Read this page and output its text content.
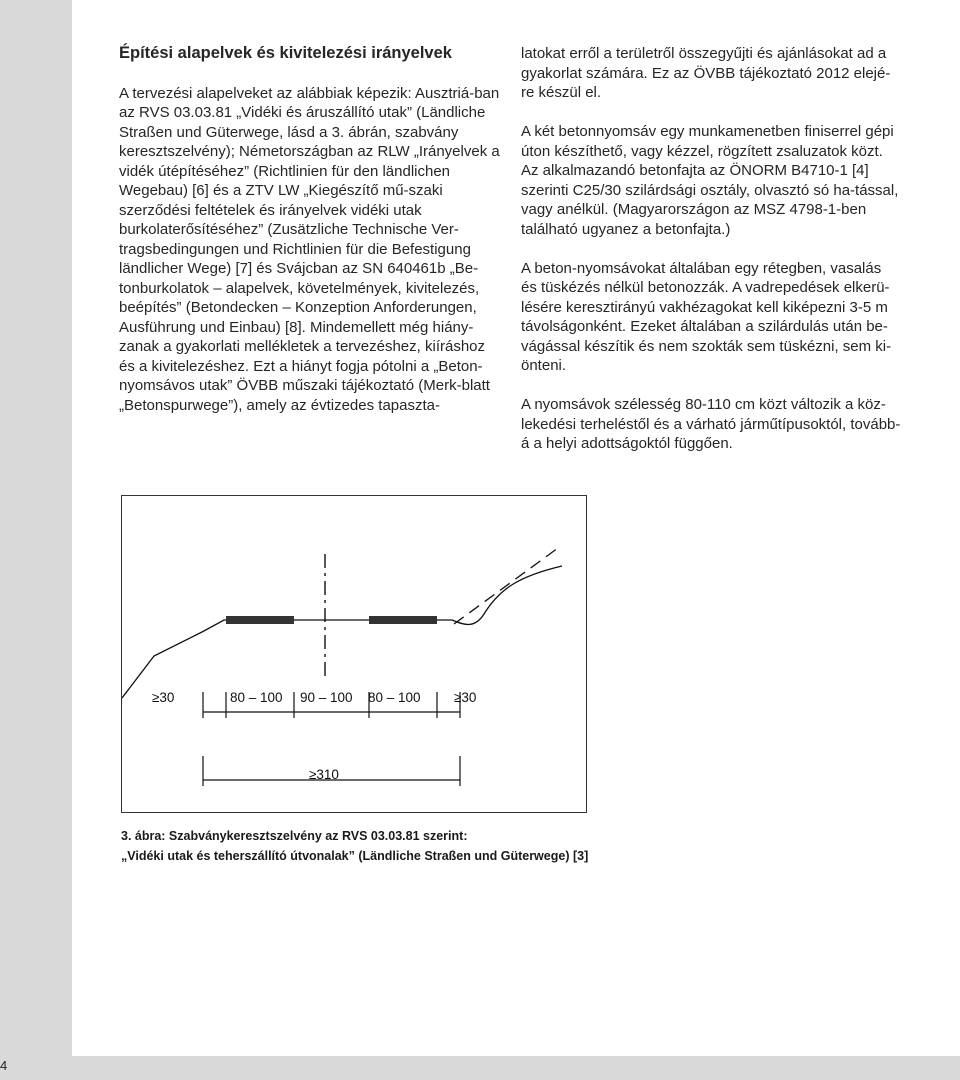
Építési alapelvek és kivitelezési irányelvek

A tervezési alapelveket az alábbiak képezik: Ausztriá-ban az RVS 03.03.81 „Vidéki és áruszállító utak” (Ländliche Straßen und Güterwege, lásd a 3. ábrán, szabvány keresztszelvény); Németországban az RLW „Irányelvek a vidék útépítéséhez” (Richtlinien für den ländlichen Wegebau) [6] és a ZTV LW „Kiegészítő mű-szaki szerződési feltételek és irányelvek vidéki utak burkolaterősítéséhez” (Zusätzliche Technische Ver-tragsbedingungen und Richtlinien für die Befestigung ländlicher Wege) [7] és Svájcban az SN 640461b „Be-tonburkolatok – alapelvek, követelmények, kivitelezés, beépítés” (Betondecken – Konzeption Anforderungen, Ausführung und Einbau) [8]. Mindemellett még hiány-zanak a gyakorlati mellékletek a tervezéshez, kiíráshoz és a kivitelezéshez. Ezt a hiányt fogja pótolni a „Beton-nyomsávos utak” ÖVBB műszaki tájékoztató (Merk-blatt „Betonspurwege”), amely az évtizedes tapaszta-

latokat erről a területről összegyűjti és ajánlásokat ad a gyakorlat számára. Ez az ÖVBB tájékoztató 2012 elejé-re készül el.

A két betonnyomsáv egy munkamenetben finiserrel gépi úton készíthető, vagy kézzel, rögzített zsaluzatok közt. Az alkalmazandó betonfajta az ÖNORM B4710-1 [4] szerinti C25/30 szilárdsági osztály, olvasztó só ha-tással, vagy anélkül. (Magyarországon az MSZ 4798-1-ben található ugyanez a betonfajta.)

A beton-nyomsávokat általában egy rétegben, vasalás és tüskézés nélkül betonozzák. A vadrepedések elkerü-lésére keresztirányú vakhézagokat kell kiképezni 3-5 m távolságonként. Ezeket általában a szilárdulás után be-vágással készítik és nem szokták sem tüskézni, sem ki-önteni.

A nyomsávok szélesség 80-110 cm közt változik a köz-lekedési terheléstől és a várható járműtípusoktól, tovább-á a helyi adottságoktól függően.

≥30	80 – 100 90 – 100 80 – 100 ≥30
≥310

3. ábra: Szabványkeresztszelvény az RVS 03.03.81 szerint:

„Vidéki utak és teherszállító útvonalak” (Ländliche Straßen und Güterwege) [3]

4
